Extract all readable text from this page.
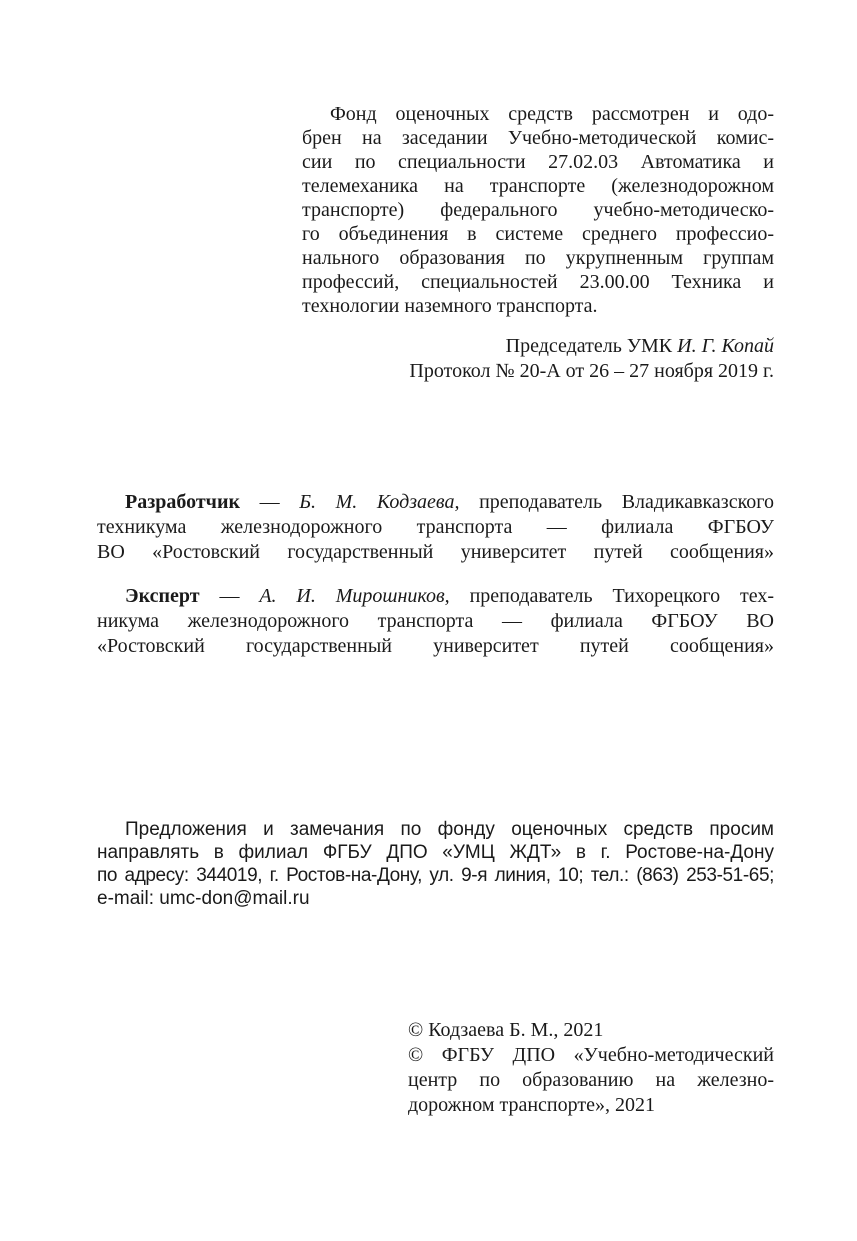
Фонд оценочных средств рассмотрен и одо-
брен на заседании Учебно-методической комис-
сии по специальности 27.02.03 Автоматика и
телемеханика на транспорте (железнодорожном
транспорте) федерального учебно-методическо-
го объединения в системе среднего профессио-
нального образования по укрупненным группам
профессий, специальностей 23.00.00 Техника и
технологии наземного транспорта.
Председатель УМК И. Г. Копай
Протокол № 20-А от 26 – 27 ноября 2019 г.
Разработчик — Б. М. Кодзаева, преподаватель Владикавказского
техникума железнодорожного транспорта — филиала ФГБОУ
ВО «Ростовский государственный университет путей сообщения»
Эксперт — А. И. Мирошников, преподаватель Тихорецкого тех-
никума железнодорожного транспорта — филиала ФГБОУ ВО
«Ростовский государственный университет путей сообщения»
Предложения и замечания по фонду оценочных средств просим
направлять в филиал ФГБУ ДПО «УМЦ ЖДТ» в г. Ростове-на-Дону
по адресу: 344019, г. Ростов-на-Дону, ул. 9-я линия, 10; тел.: (863) 253-51-65;
e-mail: umc-don@mail.ru
© Кодзаева Б. М., 2021
© ФГБУ ДПО «Учебно-методический
центр по образованию на железно-
дорожном транспорте», 2021
